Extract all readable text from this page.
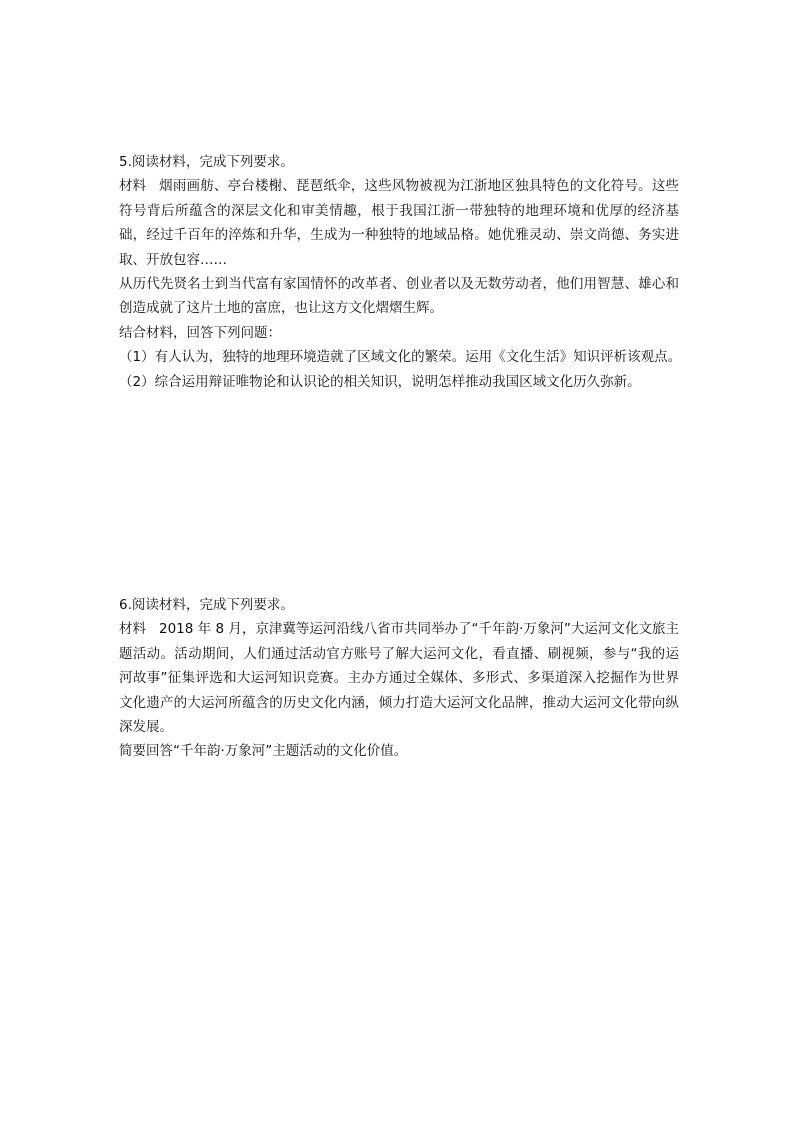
5.阅读材料，完成下列要求。

材料 烟雨画舫、亭台楼榭、琵琶纸伞，这些风物被视为江浙地区独具特色的文化符号。这些符号背后所蕴含的深层文化和审美情趣，根于我国江浙一带独特的地理环境和优厚的经济基础，经过千百年的淬炼和升华，生成为一种独特的地域品格。她优雅灵动、崇文尚德、务实进取、开放包容……

从历代先贤名士到当代富有家国情怀的改革者、创业者以及无数劳动者，他们用智慧、雄心和创造成就了这片土地的富庶，也让这方文化熠熠生辉。

结合材料，回答下列问题：

（1）有人认为，独特的地理环境造就了区域文化的繁荣。运用《文化生活》知识评析该观点。

（2）综合运用辩证唯物论和认识论的相关知识，说明怎样推动我国区域文化历久弥新。

6.阅读材料，完成下列要求。

材料 2018 年 8 月，京津冀等运河沿线八省市共同举办了“千年韵·万象河”大运河文化文旅主题活动。活动期间，人们通过活动官方账号了解大运河文化，看直播、刷视频，参与“我的运河故事”征集评选和大运河知识竞赛。主办方通过全媒体、多形式、多渠道深入挖掘作为世界文化遗产的大运河所蕴含的历史文化内涵，倾力打造大运河文化品牌，推动大运河文化带向纵深发展。

简要回答“千年韵·万象河”主题活动的文化价值。
